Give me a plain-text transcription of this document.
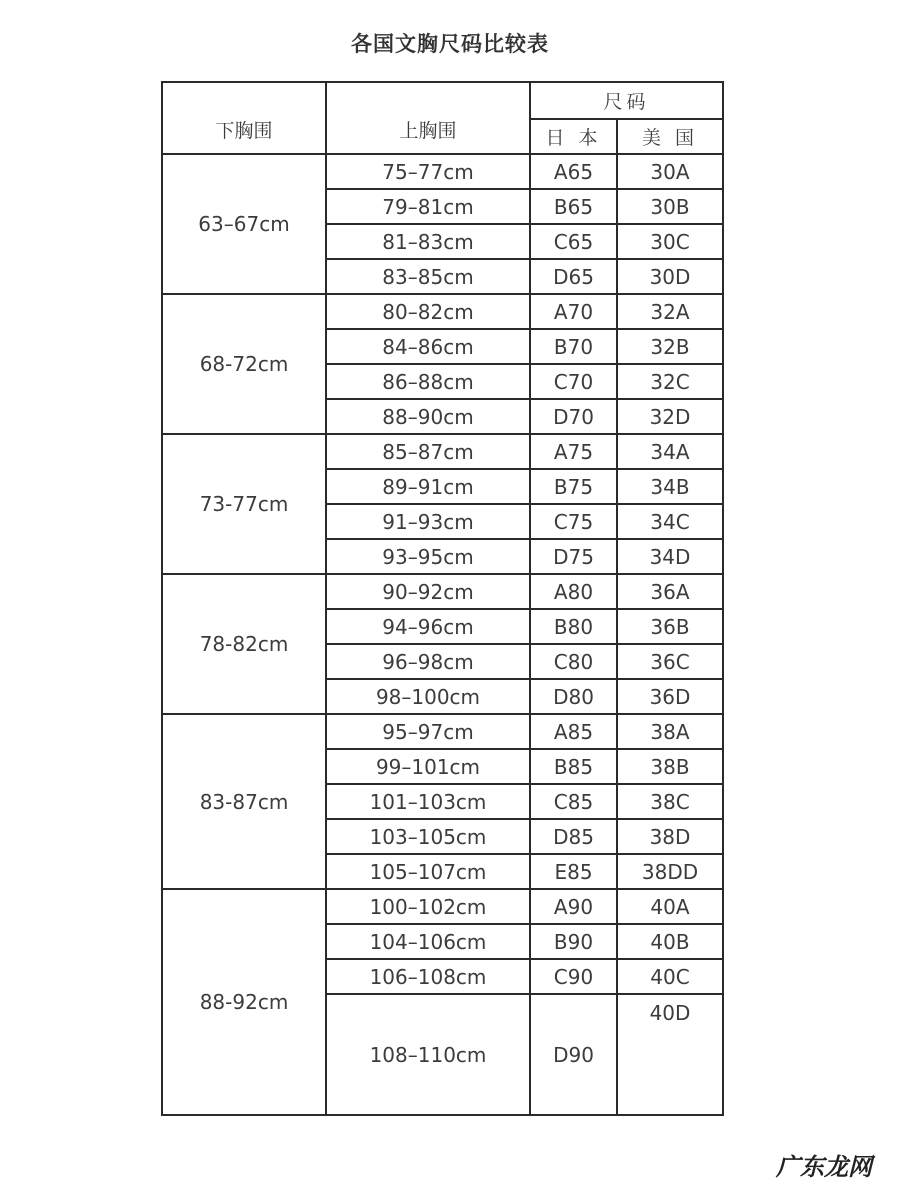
各国文胸尺码比较表
下胸围	上胸围	尺码	
		日 本	美 国
63–67cm	75–77cm	A65	30A
	79–81cm	B65	30B
	81–83cm	C65	30C
	83–85cm	D65	30D
68-72cm	80–82cm	A70	32A
	84–86cm	B70	32B
	86–88cm	C70	32C
	88–90cm	D70	32D
73-77cm	85–87cm	A75	34A
	89–91cm	B75	34B
	91–93cm	C75	34C
	93–95cm	D75	34D
78-82cm	90–92cm	A80	36A
	94–96cm	B80	36B
	96–98cm	C80	36C
	98–100cm	D80	36D
83-87cm	95–97cm	A85	38A
	99–101cm	B85	38B
	101–103cm	C85	38C
	103–105cm	D85	38D
	105–107cm	E85	38DD
88-92cm	100–102cm	A90	40A
	104–106cm	B90	40B
	106–108cm	C90	40C
	108–110cm	D90	40D
广东龙网
